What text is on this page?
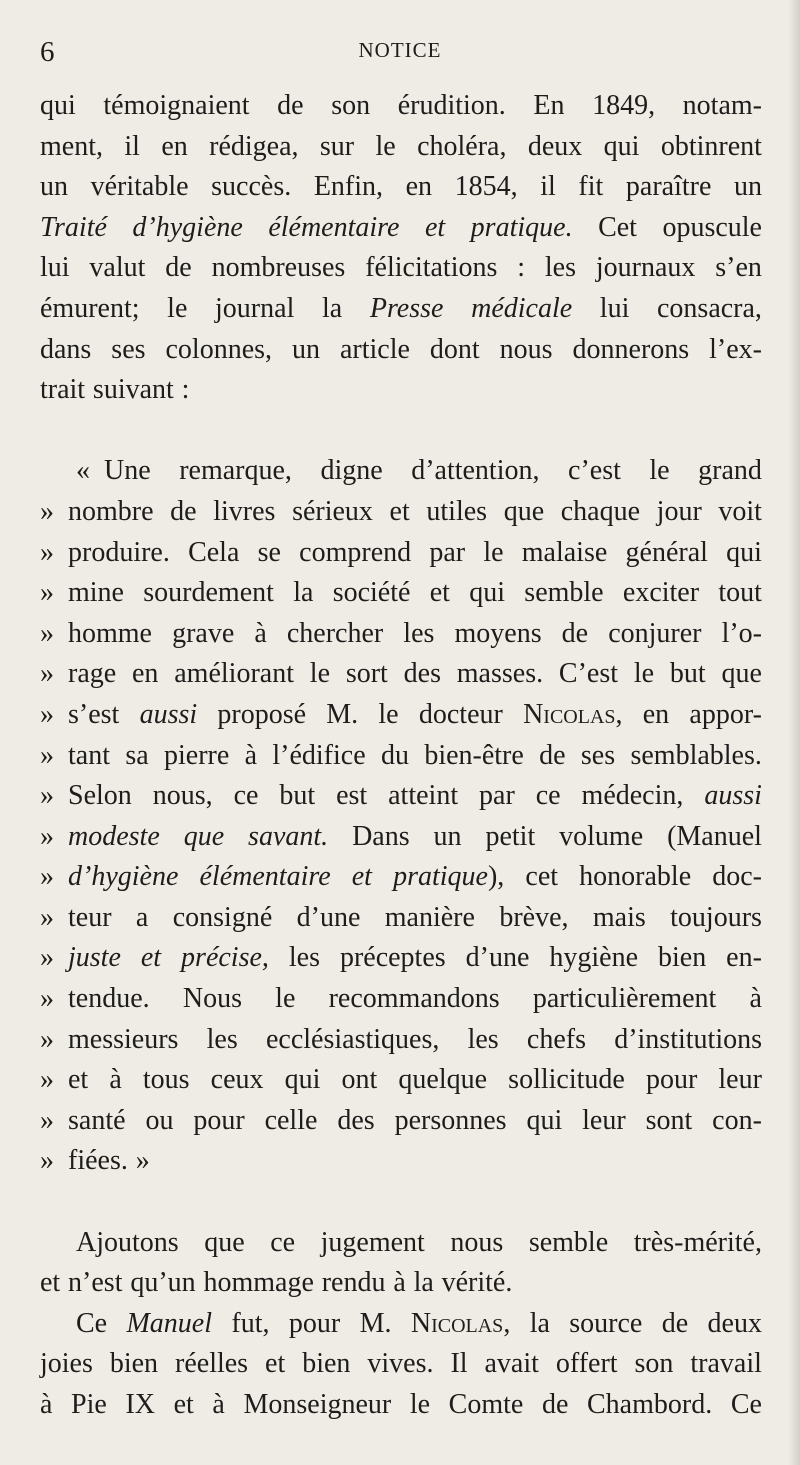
6	NOTICE
qui témoignaient de son érudition. En 1849, notam-
ment, il en rédigea, sur le choléra, deux qui obtinrent
un véritable succès. Enfin, en 1854, il fit paraître un
Traité d’hygiène élémentaire et pratique. Cet opuscule
lui valut de nombreuses félicitations : les journaux s’en
émurent; le journal la Presse médicale lui consacra,
dans ses colonnes, un article dont nous donnerons l’ex-
trait suivant :
« Une remarque, digne d’attention, c’est le grand
» nombre de livres sérieux et utiles que chaque jour voit
» produire. Cela se comprend par le malaise général qui
» mine sourdement la société et qui semble exciter tout
» homme grave à chercher les moyens de conjurer l’o-
» rage en améliorant le sort des masses. C’est le but que
» s’est aussi proposé M. le docteur Nicolas, en appor-
» tant sa pierre à l’édifice du bien-être de ses semblables.
» Selon nous, ce but est atteint par ce médecin, aussi
» modeste que savant. Dans un petit volume (Manuel
» d’hygiène élémentaire et pratique), cet honorable doc-
» teur a consigné d’une manière brève, mais toujours
» juste et précise, les préceptes d’une hygiène bien en-
» tendue. Nous le recommandons particulièrement à
» messieurs les ecclésiastiques, les chefs d’institutions
» et à tous ceux qui ont quelque sollicitude pour leur
» santé ou pour celle des personnes qui leur sont con-
» fiées. »
Ajoutons que ce jugement nous semble très-mérité,
et n’est qu’un hommage rendu à la vérité.
Ce Manuel fut, pour M. Nicolas, la source de deux
joies bien réelles et bien vives. Il avait offert son travail
à Pie IX et à Monseigneur le Comte de Chambord. Ce
